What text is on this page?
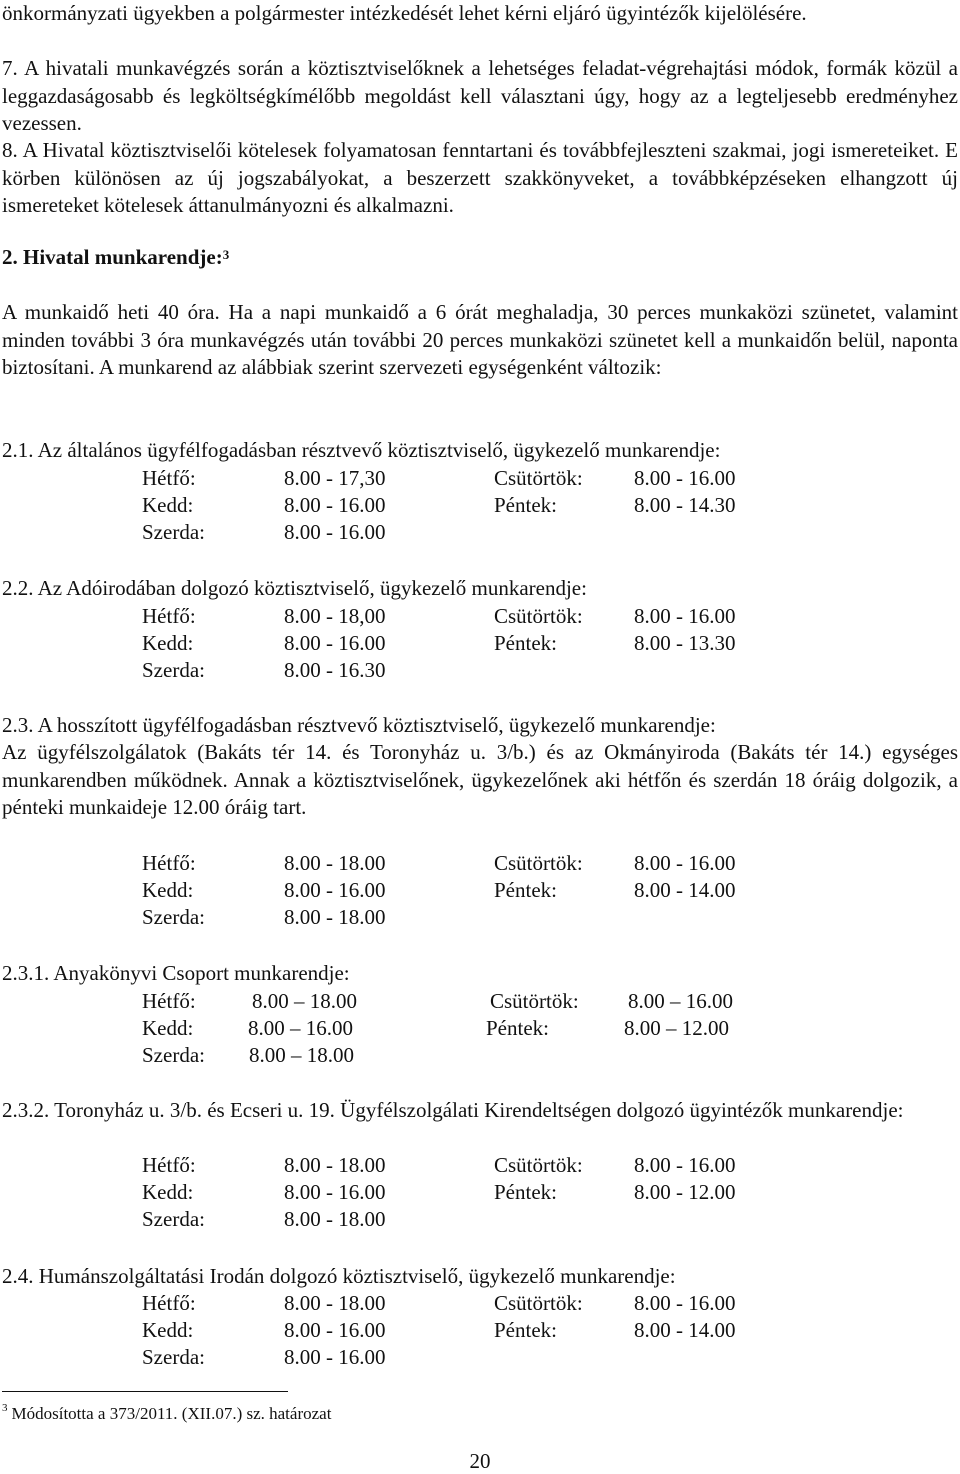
önkormányzati ügyekben a polgármester intézkedését lehet kérni eljáró ügyintézők kijelölésére.

7. A hivatali munkavégzés során a köztisztviselőknek a lehetséges feladat-végrehajtási módok, formák közül a leggazdaságosabb és legköltségkímélőbb megoldást kell választani úgy, hogy az a legteljesebb eredményhez vezessen.

8. A Hivatal köztisztviselői kötelesek folyamatosan fenntartani és továbbfejleszteni szakmai, jogi ismereteiket. E körben különösen az új jogszabályokat, a beszerzett szakkönyveket, a továbbképzéseken elhangzott új ismereteket kötelesek áttanulmányozni és alkalmazni.

2. Hivatal munkarendje:$^3$

A munkaidő heti 40 óra. Ha a napi munkaidő a 6 órát meghaladja, 30 perces munkaközi szünetet, valamint minden további 3 óra munkavégzés után további 20 perces munkaközi szünetet kell a munkaidőn belül, naponta biztosítani. A munkarend az alábbiak szerint szervezeti egységenként változik:

2.1. Az általános ügyfélfogadásban résztvevő köztisztviselő, ügykezelő munkarendje:
Hétfő:	8.00 - 17,30	Csütörtök: 8.00 - 16.00
Kedd:	8.00 - 16.00	Péntek:	8.00 - 14.30
Szerda:	8.00 - 16.00
2.2. Az Adóirodában dolgozó köztisztviselő, ügykezelő munkarendje:
Hétfő:	8.00 - 18,00	Csütörtök: 8.00 - 16.00
Kedd:	8.00 - 16.00	Péntek:	8.00 - 13.30
Szerda:	8.00 - 16.30
2.3. A hosszított ügyfélfogadásban résztvevő köztisztviselő, ügykezelő munkarendje:

Az ügyfélszolgálatok (Bakáts tér 14. és Toronyház u. 3/b.) és az Okmányiroda (Bakáts tér 14.) egységes munkarendben működnek. Annak a köztisztviselőnek, ügykezelőnek aki hétfőn és szerdán 18 óráig dolgozik, a pénteki munkaideje 12.00 óráig tart.

Hétfő:	8.00 - 18.00	Csütörtök: 8.00 - 16.00
Kedd:	8.00 - 16.00	Péntek:	8.00 - 14.00
Szerda:	8.00 - 18.00
2.3.1. Anyakönyvi Csoport munkarendje:
Hétfő:	8.00 – 18.00	Csütörtök: 8.00 – 16.00
Kedd:	8.00 – 16.00	Péntek:	8.00 – 12.00
Szerda: 8.00 – 18.00

2.3.2. Toronyház u. 3/b. és Ecseri u. 19. Ügyfélszolgálati Kirendeltségen dolgozó ügyintézők munkarendje:

Hétfő:	8.00 - 18.00	Csütörtök: 8.00 - 16.00
Kedd:	8.00 - 16.00	Péntek:	8.00 - 12.00
Szerda:	8.00 - 18.00
2.4. Humánszolgáltatási Irodán dolgozó köztisztviselő, ügykezelő munkarendje:
Hétfő:	8.00 - 18.00	Csütörtök: 8.00 - 16.00
Kedd:	8.00 - 16.00	Péntek:	8.00 - 14.00
Szerda:	8.00 - 16.00
$^3$ Módosította a 373/2011. (XII.07.) sz. határozat
20
